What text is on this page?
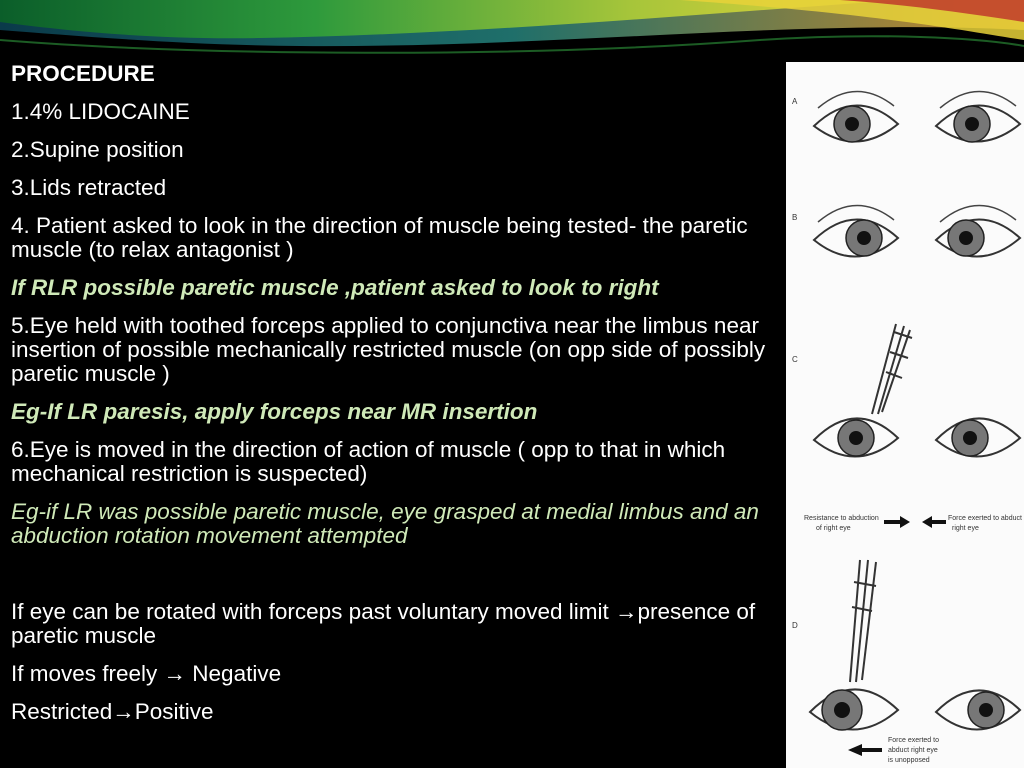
PROCEDURE

1.4% LIDOCAINE

2.Supine position

3.Lids retracted

4. Patient asked to look in the direction of muscle being tested- the paretic muscle (to relax antagonist )

If RLR possible paretic muscle ,patient asked to look to right

5.Eye held with toothed forceps applied to conjunctiva near the limbus near insertion of possible mechanically restricted muscle (on opp side of possibly paretic muscle )

Eg-If LR paresis, apply forceps near MR insertion

6.Eye is moved in the direction of action of muscle ( opp to that in which mechanical restriction is suspected)

Eg-if LR was possible paretic muscle, eye grasped at medial limbus and an abduction rotation movement attempted

If eye can be rotated with forceps past voluntary moved limit →presence of paretic muscle

If moves freely → Negative

Restricted→Positive

A
B
C
D
Resistance to abduction
of right eye
Force exerted to abduct
right eye
Force exerted to
abduct right eye
is unopposed
